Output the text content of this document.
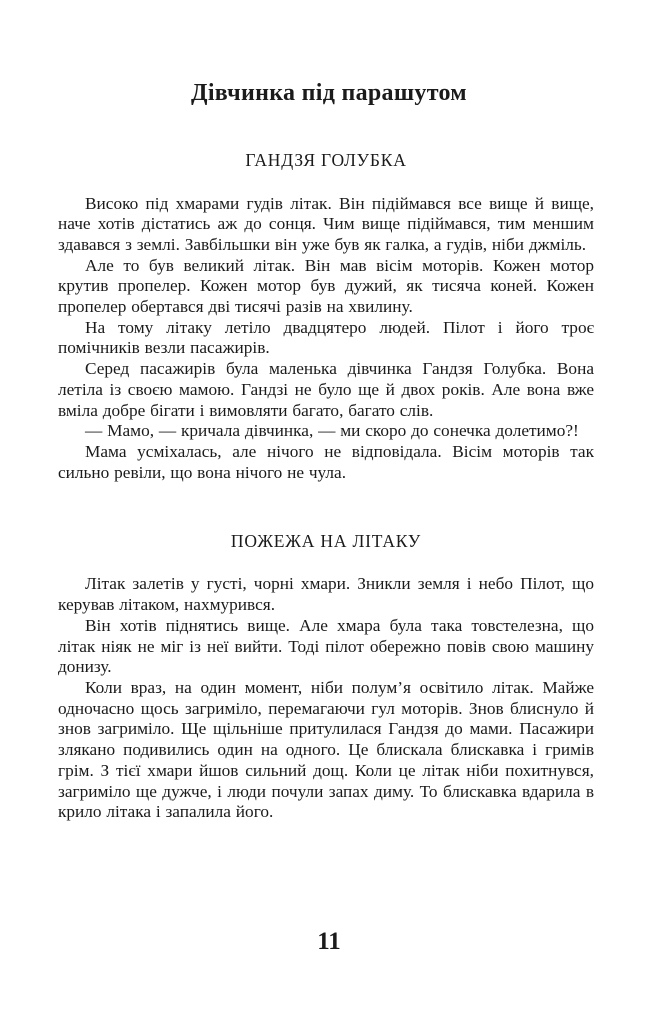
Дівчинка під парашутом
ГАНДЗЯ ГОЛУБКА

Високо під хмарами гудів літак. Він підіймався все вище й вище, наче хотів дістатись аж до сонця. Чим вище підіймався, тим меншим здавався з землі. Завбільшки він уже був як галка, а гудів, ніби джміль.

Але то був великий літак. Він мав вісім моторів. Кожен мотор крутив пропелер. Кожен мотор був дужий, як тисяча коней. Кожен пропелер обертався дві тисячі разів на хвилину.

На тому літаку летіло двадцятеро людей. Пілот і його троє помічників везли пасажирів.

Серед пасажирів була маленька дівчинка Гандзя Голубка. Вона летіла із своєю мамою. Гандзі не було ще й двох років. Але вона вже вміла добре бігати і вимовляти багато, багато слів.

— Мамо, — кричала дівчинка, — ми скоро до сонечка долетимо?!

Мама усміхалась, але нічого не відповідала. Вісім моторів так сильно ревіли, що вона нічого не чула.

ПОЖЕЖА НА ЛІТАКУ

Літак залетів у густі, чорні хмари. Зникли земля і небо Пілот, що керував літаком, нахмурився.

Він хотів піднятись вище. Але хмара була така товстелезна, що літак ніяк не міг із неї вийти. Тоді пілот обережно повів свою машину донизу.

Коли враз, на один момент, ніби полум’я освітило літак. Майже одночасно щось загриміло, перемагаючи гул моторів. Знов блиснуло й знов загриміло. Ще щільніше притулилася Гандзя до мами. Пасажири злякано подивились один на одного. Це блискала блискавка і гримів грім. З тієї хмари йшов сильний дощ. Коли це літак ніби похитнувся, загриміло ще дужче, і люди почули запах диму. То блискавка вдарила в крило літака і запалила його.

11
